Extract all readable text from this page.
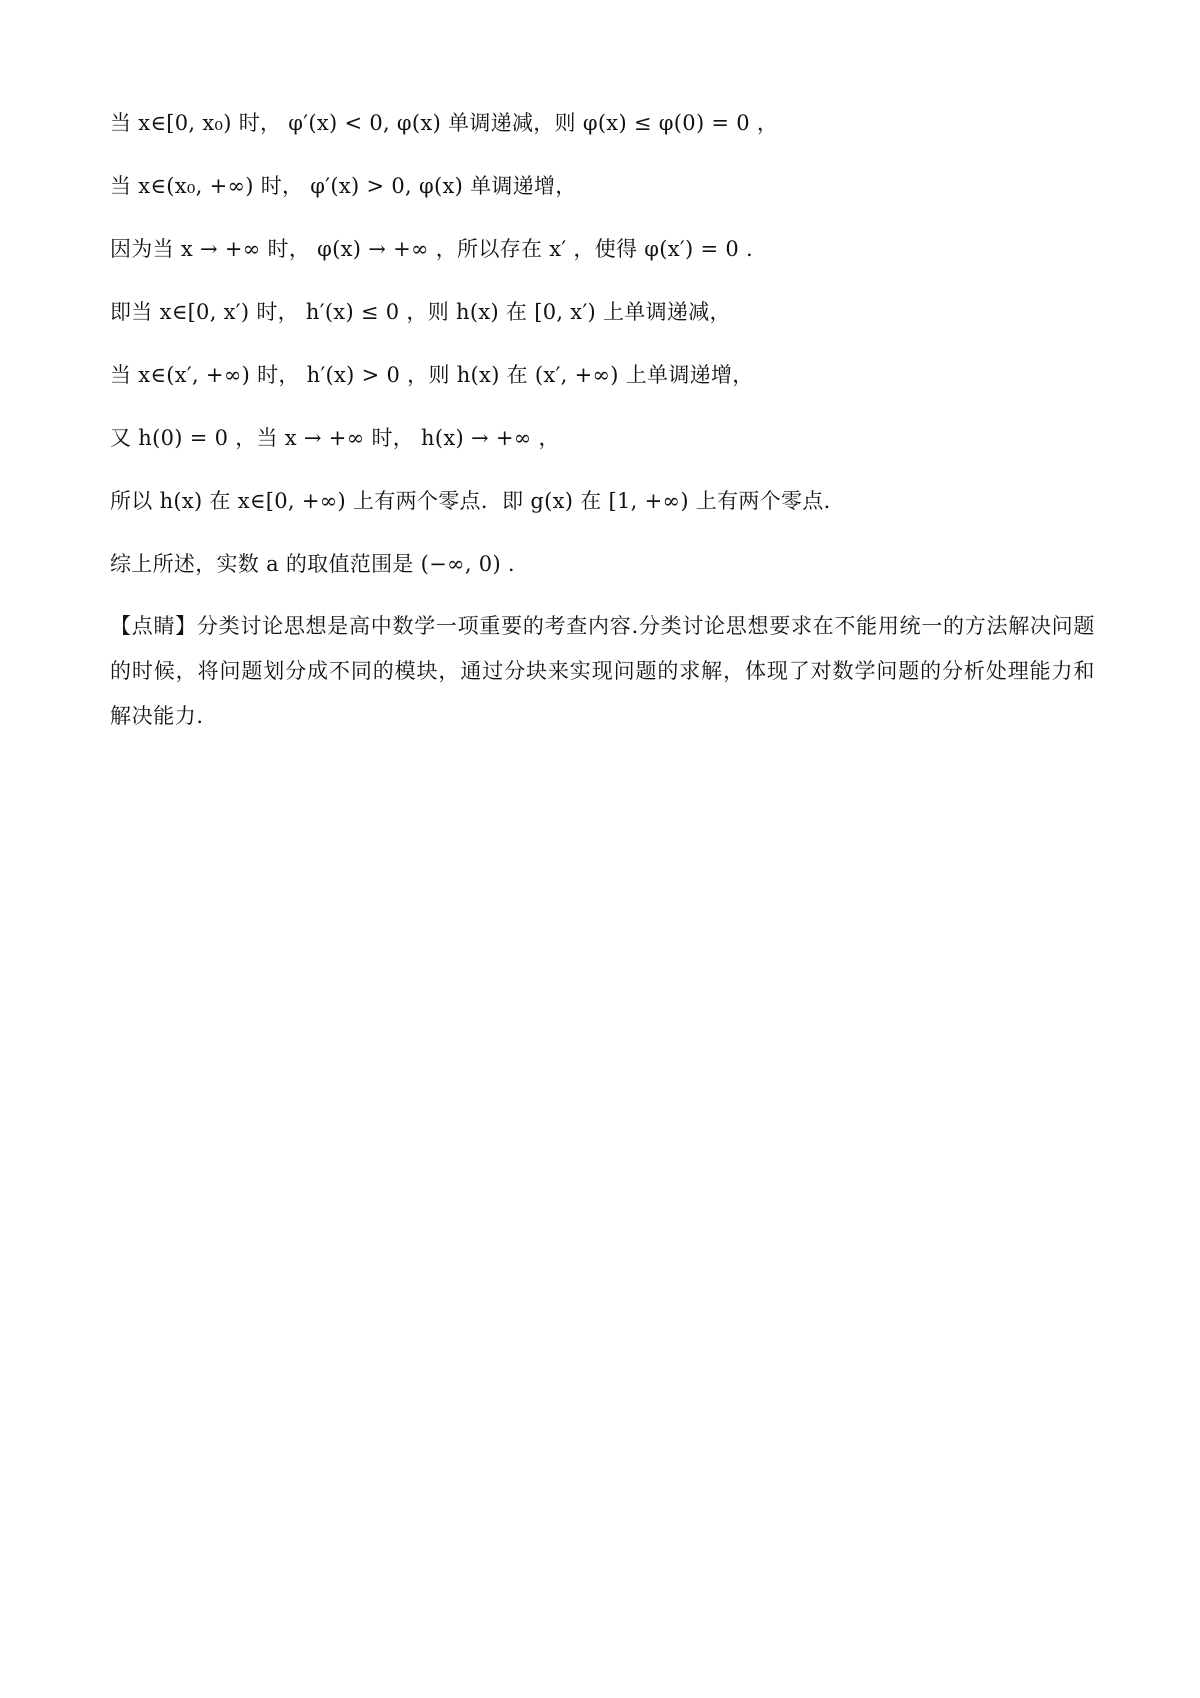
当 x∈[0, x₀) 时， φ′(x) < 0, φ(x) 单调递减，则 φ(x) ≤ φ(0) = 0 ，
当 x∈(x₀, +∞) 时， φ′(x) > 0, φ(x) 单调递增，
因为当 x → +∞ 时， φ(x) → +∞ ，所以存在 x′ ，使得 φ(x′) = 0 .
即当 x∈[0, x′) 时， h′(x) ≤ 0 ，则 h(x) 在 [0, x′) 上单调递减，
当 x∈(x′, +∞) 时， h′(x) > 0 ，则 h(x) 在 (x′, +∞) 上单调递增，
又 h(0) = 0 ，当 x → +∞ 时， h(x) → +∞ ，
所以 h(x) 在 x∈[0, +∞) 上有两个零点．即 g(x) 在 [1, +∞) 上有两个零点．
综上所述，实数 a 的取值范围是 (−∞, 0) .
【点睛】分类讨论思想是高中数学一项重要的考查内容.分类讨论思想要求在不能用统一的方法解决问题的时候，将问题划分成不同的模块，通过分块来实现问题的求解，体现了对数学问题的分析处理能力和解决能力.
